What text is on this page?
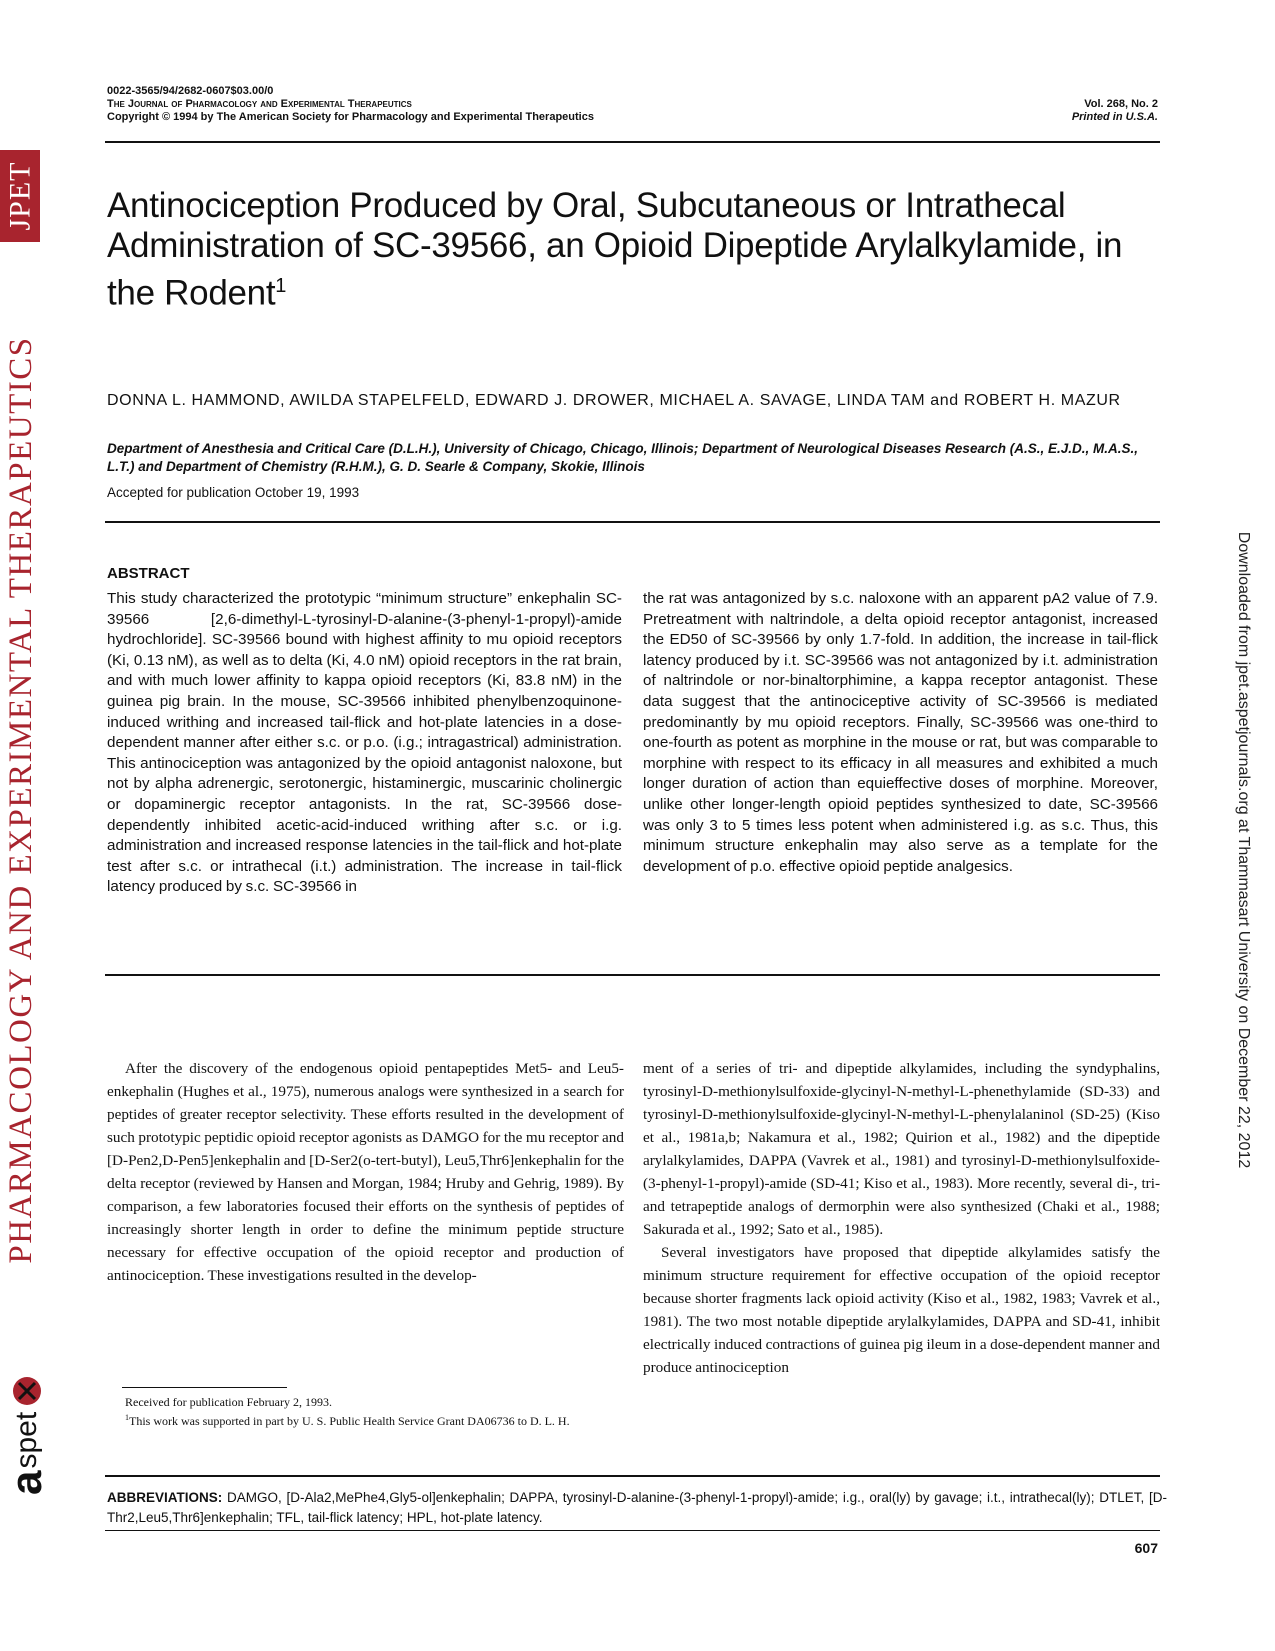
JPET
PHARMACOLOGY AND EXPERIMENTAL THERAPEUTICS
a
spet
Downloaded from jpet.aspetjournals.org at Thammasart University on December 22, 2012
0022-3565/94/2682-0607$03.00/0
The Journal of Pharmacology and Experimental Therapeutics
Copyright © 1994 by The American Society for Pharmacology and Experimental Therapeutics
Vol. 268, No. 2
Printed in U.S.A.
Antinociception Produced by Oral, Subcutaneous or Intrathecal Administration of SC-39566, an Opioid Dipeptide Arylalkylamide, in the Rodent$^1$
DONNA L. HAMMOND, AWILDA STAPELFELD, EDWARD J. DROWER, MICHAEL A. SAVAGE, LINDA TAM and ROBERT H. MAZUR
Department of Anesthesia and Critical Care (D.L.H.), University of Chicago, Chicago, Illinois; Department of Neurological Diseases Research (A.S., E.J.D., M.A.S., L.T.) and Department of Chemistry (R.H.M.), G. D. Searle & Company, Skokie, Illinois
Accepted for publication October 19, 1993
ABSTRACT

This study characterized the prototypic “minimum structure” enkephalin SC-39566 [2,6-dimethyl-L-tyrosinyl-D-alanine-(3-phenyl-1-propyl)-amide hydrochloride]. SC-39566 bound with highest affinity to mu opioid receptors (Ki, 0.13 nM), as well as to delta (Ki, 4.0 nM) opioid receptors in the rat brain, and with much lower affinity to kappa opioid receptors (Ki, 83.8 nM) in the guinea pig brain. In the mouse, SC-39566 inhibited phenylbenzoquinone-induced writhing and increased tail-flick and hot-plate latencies in a dose-dependent manner after either s.c. or p.o. (i.g.; intragastrical) administration. This antinociception was antagonized by the opioid antagonist naloxone, but not by alpha adrenergic, serotonergic, histaminergic, muscarinic cholinergic or dopaminergic receptor antagonists. In the rat, SC-39566 dose-dependently inhibited acetic-acid-induced writhing after s.c. or i.g. administration and increased response latencies in the tail-flick and hot-plate test after s.c. or intrathecal (i.t.) administration. The increase in tail-flick latency produced by s.c. SC-39566 in

the rat was antagonized by s.c. naloxone with an apparent pA2 value of 7.9. Pretreatment with naltrindole, a delta opioid receptor antagonist, increased the ED50 of SC-39566 by only 1.7-fold. In addition, the increase in tail-flick latency produced by i.t. SC-39566 was not antagonized by i.t. administration of naltrindole or nor-binaltorphimine, a kappa receptor antagonist. These data suggest that the antinociceptive activity of SC-39566 is mediated predominantly by mu opioid receptors. Finally, SC-39566 was one-third to one-fourth as potent as morphine in the mouse or rat, but was comparable to morphine with respect to its efficacy in all measures and exhibited a much longer duration of action than equieffective doses of morphine. Moreover, unlike other longer-length opioid peptides synthesized to date, SC-39566 was only 3 to 5 times less potent when administered i.g. as s.c. Thus, this minimum structure enkephalin may also serve as a template for the development of p.o. effective opioid peptide analgesics.

After the discovery of the endogenous opioid pentapeptides Met5- and Leu5-enkephalin (Hughes et al., 1975), numerous analogs were synthesized in a search for peptides of greater receptor selectivity. These efforts resulted in the development of such prototypic peptidic opioid receptor agonists as DAMGO for the mu receptor and [D-Pen2,D-Pen5]enkephalin and [D-Ser2(o-tert-butyl), Leu5,Thr6]enkephalin for the delta receptor (reviewed by Hansen and Morgan, 1984; Hruby and Gehrig, 1989). By comparison, a few laboratories focused their efforts on the synthesis of peptides of increasingly shorter length in order to define the minimum peptide structure necessary for effective occupation of the opioid receptor and production of antinociception. These investigations resulted in the develop-

ment of a series of tri- and dipeptide alkylamides, including the syndyphalins, tyrosinyl-D-methionylsulfoxide-glycinyl-N-methyl-L-phenethylamide (SD-33) and tyrosinyl-D-methionylsulfoxide-glycinyl-N-methyl-L-phenylalaninol (SD-25) (Kiso et al., 1981a,b; Nakamura et al., 1982; Quirion et al., 1982) and the dipeptide arylalkylamides, DAPPA (Vavrek et al., 1981) and tyrosinyl-D-methionylsulfoxide-(3-phenyl-1-propyl)-amide (SD-41; Kiso et al., 1983). More recently, several di-, tri- and tetrapeptide analogs of dermorphin were also synthesized (Chaki et al., 1988; Sakurada et al., 1992; Sato et al., 1985).

Several investigators have proposed that dipeptide alkylamides satisfy the minimum structure requirement for effective occupation of the opioid receptor because shorter fragments lack opioid activity (Kiso et al., 1982, 1983; Vavrek et al., 1981). The two most notable dipeptide arylalkylamides, DAPPA and SD-41, inhibit electrically induced contractions of guinea pig ileum in a dose-dependent manner and produce antinociception

Received for publication February 2, 1993.

$^1$This work was supported in part by U. S. Public Health Service Grant DA06736 to D. L. H.

ABBREVIATIONS: DAMGO, [D-Ala2,MePhe4,Gly5-ol]enkephalin; DAPPA, tyrosinyl-D-alanine-(3-phenyl-1-propyl)-amide; i.g., oral(ly) by gavage; i.t., intrathecal(ly); DTLET, [D-Thr2,Leu5,Thr6]enkephalin; TFL, tail-flick latency; HPL, hot-plate latency.
607
